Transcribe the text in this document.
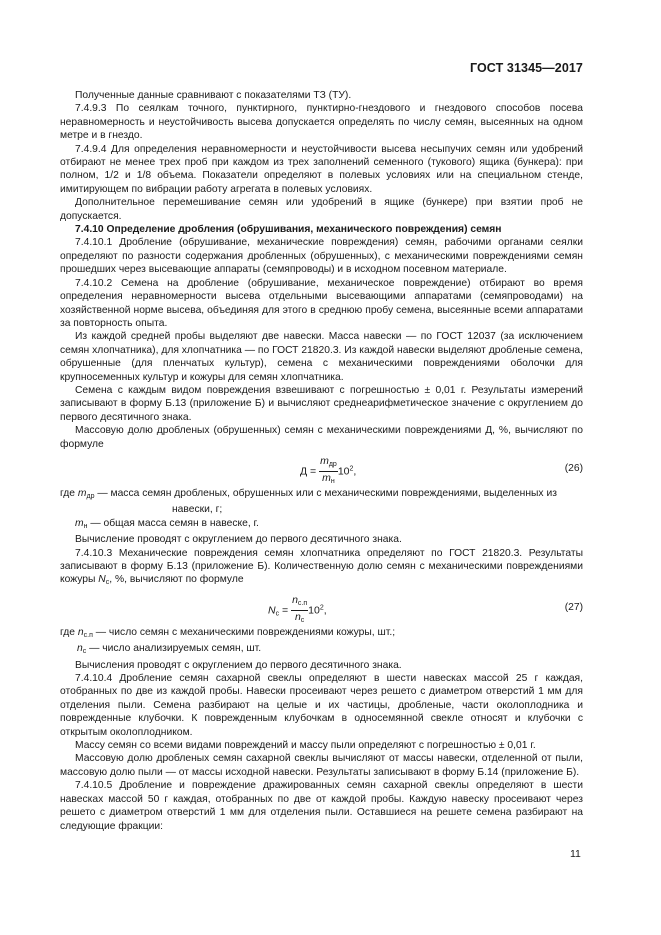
ГОСТ 31345—2017

Полученные данные сравнивают с показателями ТЗ (ТУ).

7.4.9.3 По сеялкам точного, пунктирного, пунктирно-гнездового и гнездового способов посева неравномерность и неустойчивость высева допускается определять по числу семян, высеянных на одном метре и в гнездо.

7.4.9.4 Для определения неравномерности и неустойчивости высева несыпучих семян или удобрений отбирают не менее трех проб при каждом из трех заполнений семенного (тукового) ящика (бункера): при полном, 1/2 и 1/8 объема. Показатели определяют в полевых условиях или на специальном стенде, имитирующем по вибрации работу агрегата в полевых условиях.

Дополнительное перемешивание семян или удобрений в ящике (бункере) при взятии проб не допускается.

7.4.10 Определение дробления (обрушивания, механического повреждения) семян

7.4.10.1 Дробление (обрушивание, механические повреждения) семян, рабочими органами сеялки определяют по разности содержания дробленных (обрушенных), с механическими повреждениями семян прошедших через высевающие аппараты (семяпроводы) и в исходном посевном материале.

7.4.10.2 Семена на дробление (обрушивание, механическое повреждение) отбирают во время определения неравномерности высева отдельными высевающими аппаратами (семяпроводами) на хозяйственной норме высева, объединяя для этого в среднюю пробу семена, высеянные всеми аппаратами за повторность опыта.

Из каждой средней пробы выделяют две навески. Масса навески — по ГОСТ 12037 (за исключением семян хлопчатника), для хлопчатника — по ГОСТ 21820.3. Из каждой навески выделяют дробленые семена, обрушенные (для пленчатых культур), семена с механическими повреждениями оболочки для крупносеменных культур и кожуры для семян хлопчатника.

Семена с каждым видом повреждения взвешивают с погрешностью ± 0,01 г. Результаты измерений записывают в форму Б.13 (приложение Б) и вычисляют среднеарифметическое значение с округлением до первого десятичного знака.

Массовую долю дробленых (обрушенных) семян с механическими повреждениями Д, %, вычисляют по формуле

$Д = \frac{m_{др}}{m_н} 10^2$,	(26)

где $m_{др}$ — масса семян дробленых, обрушенных или с механическими повреждениями, выделенных из

навески, г;

$m_н$ — общая масса семян в навеске, г.

Вычисление проводят с округлением до первого десятичного знака.

7.4.10.3 Механические повреждения семян хлопчатника определяют по ГОСТ 21820.3. Результаты записывают в форму Б.13 (приложение Б). Количественную долю семян с механическими повреждениями кожуры $N_c$, %, вычисляют по формуле

$N_c = \frac{n_{c.п}}{n_c} 10^2$,	(27)

где $n_{c.п}$ — число семян с механическими повреждениями кожуры, шт.;

$n_c$ — число анализируемых семян, шт.

Вычисления проводят с округлением до первого десятичного знака.

7.4.10.4 Дробление семян сахарной свеклы определяют в шести навесках массой 25 г каждая, отобранных по две из каждой пробы. Навески просеивают через решето с диаметром отверстий 1 мм для отделения пыли. Семена разбирают на целые и их частицы, дробленые, части околоплодника и поврежденные клубочки. К поврежденным клубочкам в односемянной свекле относят и клубочки с открытым околоплодником.

Массу семян со всеми видами повреждений и массу пыли определяют с погрешностью ± 0,01 г.

Массовую долю дробленых семян сахарной свеклы вычисляют от массы навески, отделенной от пыли, массовую долю пыли — от массы исходной навески. Результаты записывают в форму Б.14 (приложение Б).

7.4.10.5 Дробление и повреждение дражированных семян сахарной свеклы определяют в шести навесках массой 50 г каждая, отобранных по две от каждой пробы. Каждую навеску просеивают через решето с диаметром отверстий 1 мм для отделения пыли. Оставшиеся на решете семена разбирают на следующие фракции:

11
